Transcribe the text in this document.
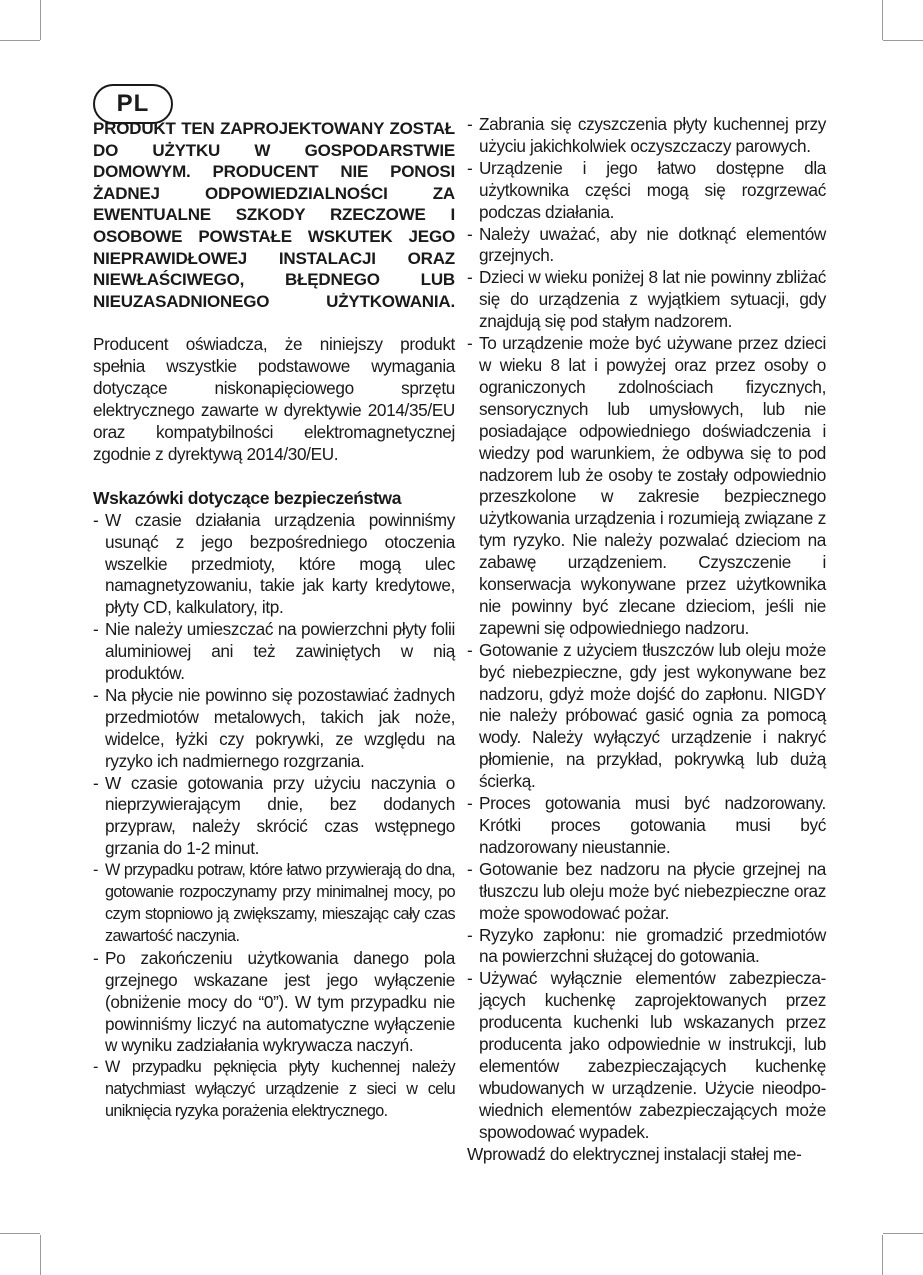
PL

PRODUKT TEN ZAPROJEKTOWANY ZOSTAŁ DO UŻYTKU W GOSPODARSTWIE DOMOWYM. PRODUCENT NIE PONOSI ŻADNEJ ODPOWIEDZIALNOŚCI ZA EWENTUALNE SZKODY RZECZOWE I OSOBOWE POWSTAŁE WSKUTEK JEGO NIEPRAWIDŁOWEJ INSTALACJI ORAZ NIEWŁAŚCIWEGO, BŁĘDNEGO LUB NIEUZASADNIONEGO UŻYTKOWANIA.

Producent oświadcza, że niniejszy produkt spełnia wszystkie podstawowe wymagania dotyczące niskonapięciowego sprzętu elektrycznego zawarte w dyrektywie 2014/35/EU oraz kompatybilności elektromagnetycznej zgodnie z dyrektywą 2014/30/EU.

Wskazówki dotyczące bezpieczeństwa

- W czasie działania urządzenia powinniśmy usunąć z jego bezpośredniego otoczenia wszelkie przedmioty, które mogą ulec namagnetyzowaniu, takie jak karty kredytowe, płyty CD, kalkulatory, itp.
- Nie należy umieszczać na powierzchni płyty folii aluminiowej ani też zawiniętych w nią produktów.
- Na płycie nie powinno się pozostawiać żadnych przedmiotów metalowych, takich jak noże, widelce, łyżki czy pokrywki, ze względu na ryzyko ich nadmiernego rozgrzania.
- W czasie gotowania przy użyciu naczynia o nieprzywierającym dnie, bez dodanych przypraw, należy skrócić czas wstępnego grzania do 1-2 minut.
- W przypadku potraw, które łatwo przywierają do dna, gotowanie rozpoczynamy przy minimalnej mocy, po czym stopniowo ją zwiększamy, mieszając cały czas zawartość naczynia.
- Po zakończeniu użytkowania danego pola grzejnego wskazane jest jego wyłączenie (obniżenie mocy do “0”). W tym przypadku nie powinniśmy liczyć na automatyczne wyłączenie w wyniku zadziałania wykrywacza naczyń.
- W przypadku pęknięcia płyty kuchennej należy natychmiast wyłączyć urządzenie z sieci w celu uniknięcia ryzyka porażenia elektrycznego.
- Zabrania się czyszczenia płyty kuchennej przy użyciu jakichkolwiek oczyszczaczy parowych.
- Urządzenie i jego łatwo dostępne dla użytkownika części mogą się rozgrzewać podczas działania.
- Należy uważać, aby nie dotknąć elementów grzejnych.
- Dzieci w wieku poniżej 8 lat nie powinny zbliżać się do urządzenia z wyjątkiem sytuacji, gdy znajdują się pod stałym nadzorem.
- To urządzenie może być używane przez dzieci w wieku 8 lat i powyżej oraz przez osoby o ograniczonych zdolnościach fizycznych, sensorycznych lub umysłowych, lub nie posiadające odpowiedniego doświadczenia i wiedzy pod warunkiem, że odbywa się to pod nadzorem lub że osoby te zostały odpowiednio przeszkolone w zakresie bezpiecznego użytkowania urządzenia i rozumieją związane z tym ryzyko. Nie należy pozwalać dzieciom na zabawę urządzeniem. Czyszczenie i konserwacja wykonywane przez użytkownika nie powinny być zlecane dzieciom, jeśli nie zapewni się odpowiedniego nadzoru.
- Gotowanie z użyciem tłuszczów lub oleju może być niebezpieczne, gdy jest wykonywane bez nadzoru, gdyż może dojść do zapłonu. NIGDY nie należy próbować gasić ognia za pomocą wody. Należy wyłączyć urządzenie i nakryć płomienie, na przykład, pokrywką lub dużą ścierką.
- Proces gotowania musi być nadzorowany. Krótki proces gotowania musi być nadzorowany nieustannie.
- Gotowanie bez nadzoru na płycie grzejnej na tłuszczu lub oleju może być niebezpieczne oraz może spowodować pożar.
- Ryzyko zapłonu: nie gromadzić przedmiotów na powierzchni służącej do gotowania.
- Używać wyłącznie elementów zabezpiecza-jących kuchenkę zaprojektowanych przez producenta kuchenki lub wskazanych przez producenta jako odpowiednie w instrukcji, lub elementów zabezpieczających kuchenkę wbudowanych w urządzenie. Użycie nieodpo-wiednich elementów zabezpieczających może spowodować wypadek.

Wprowadź do elektrycznej instalacji stałej me-
